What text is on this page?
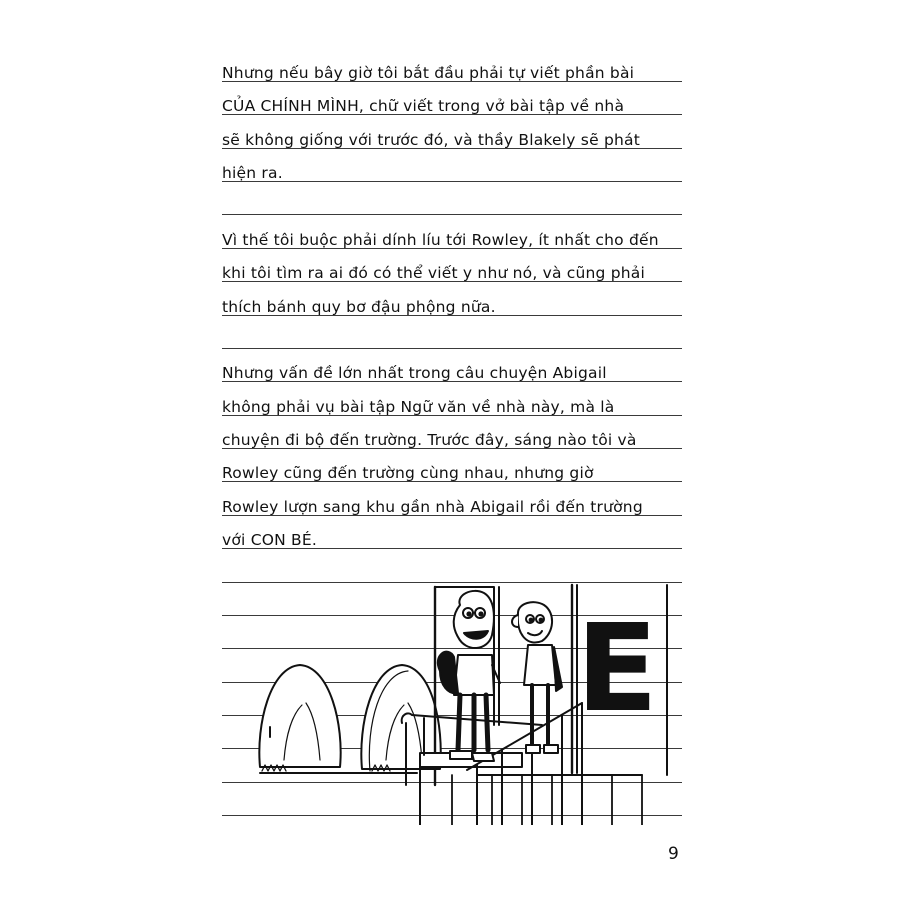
Nhưng nếu bây giờ tôi bắt đầu phải tự viết phần bài
CỦA CHÍNH MÌNH, chữ viết trong vở bài tập về nhà
sẽ không giống với trước đó, và thầy Blakely sẽ phát
hiện ra.
Vì thế tôi buộc phải dính líu tới Rowley, ít nhất cho đến
khi tôi tìm ra ai đó có thể viết y như nó, và cũng phải
thích bánh quy bơ đậu phộng nữa.
Nhưng vấn đề lớn nhất trong câu chuyện Abigail
không phải vụ bài tập Ngữ văn về nhà này, mà là
chuyện đi bộ đến trường. Trước đây, sáng nào tôi và
Rowley cũng đến trường cùng nhau, nhưng giờ
Rowley lượn sang khu gần nhà Abigail rồi đến trường
với CON BÉ.
E
9
